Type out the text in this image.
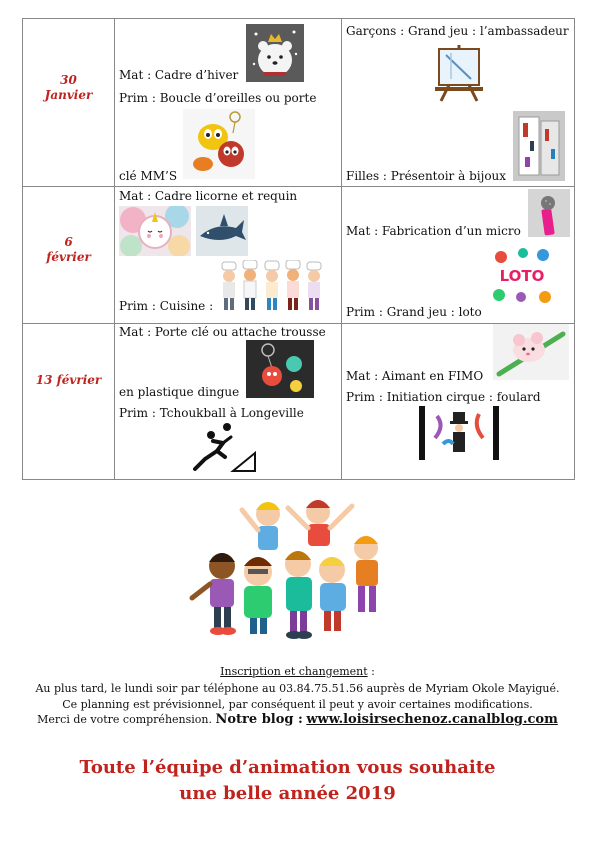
30
Janvier
Mat : Cadre d’hiver
Prim : Boucle d’oreilles ou porte
clé MM’S
Garçons : Grand jeu : l’ambassadeur
Filles : Présentoir à bijoux
6
février
Mat : Cadre licorne et requin
Prim : Cuisine :
Mat : Fabrication d’un micro
LOTO
Prim : Grand jeu : loto
13 février
Mat : Porte clé ou attache trousse
en plastique dingue
Prim : Tchoukball à Longeville
Mat : Aimant en FIMO
Prim : Initiation cirque : foulard
Inscription et changement :
Au plus tard, le lundi soir par téléphone au 03.84.75.51.56 auprès de Myriam Okole Mayigué.
Ce planning est prévisionnel, par conséquent il peut y avoir certaines modifications.
Merci de votre compréhension. Notre blog : www.loisirsechenoz.canalblog.com
Toute l’équipe d’animation vous souhaite
une belle année 2019
